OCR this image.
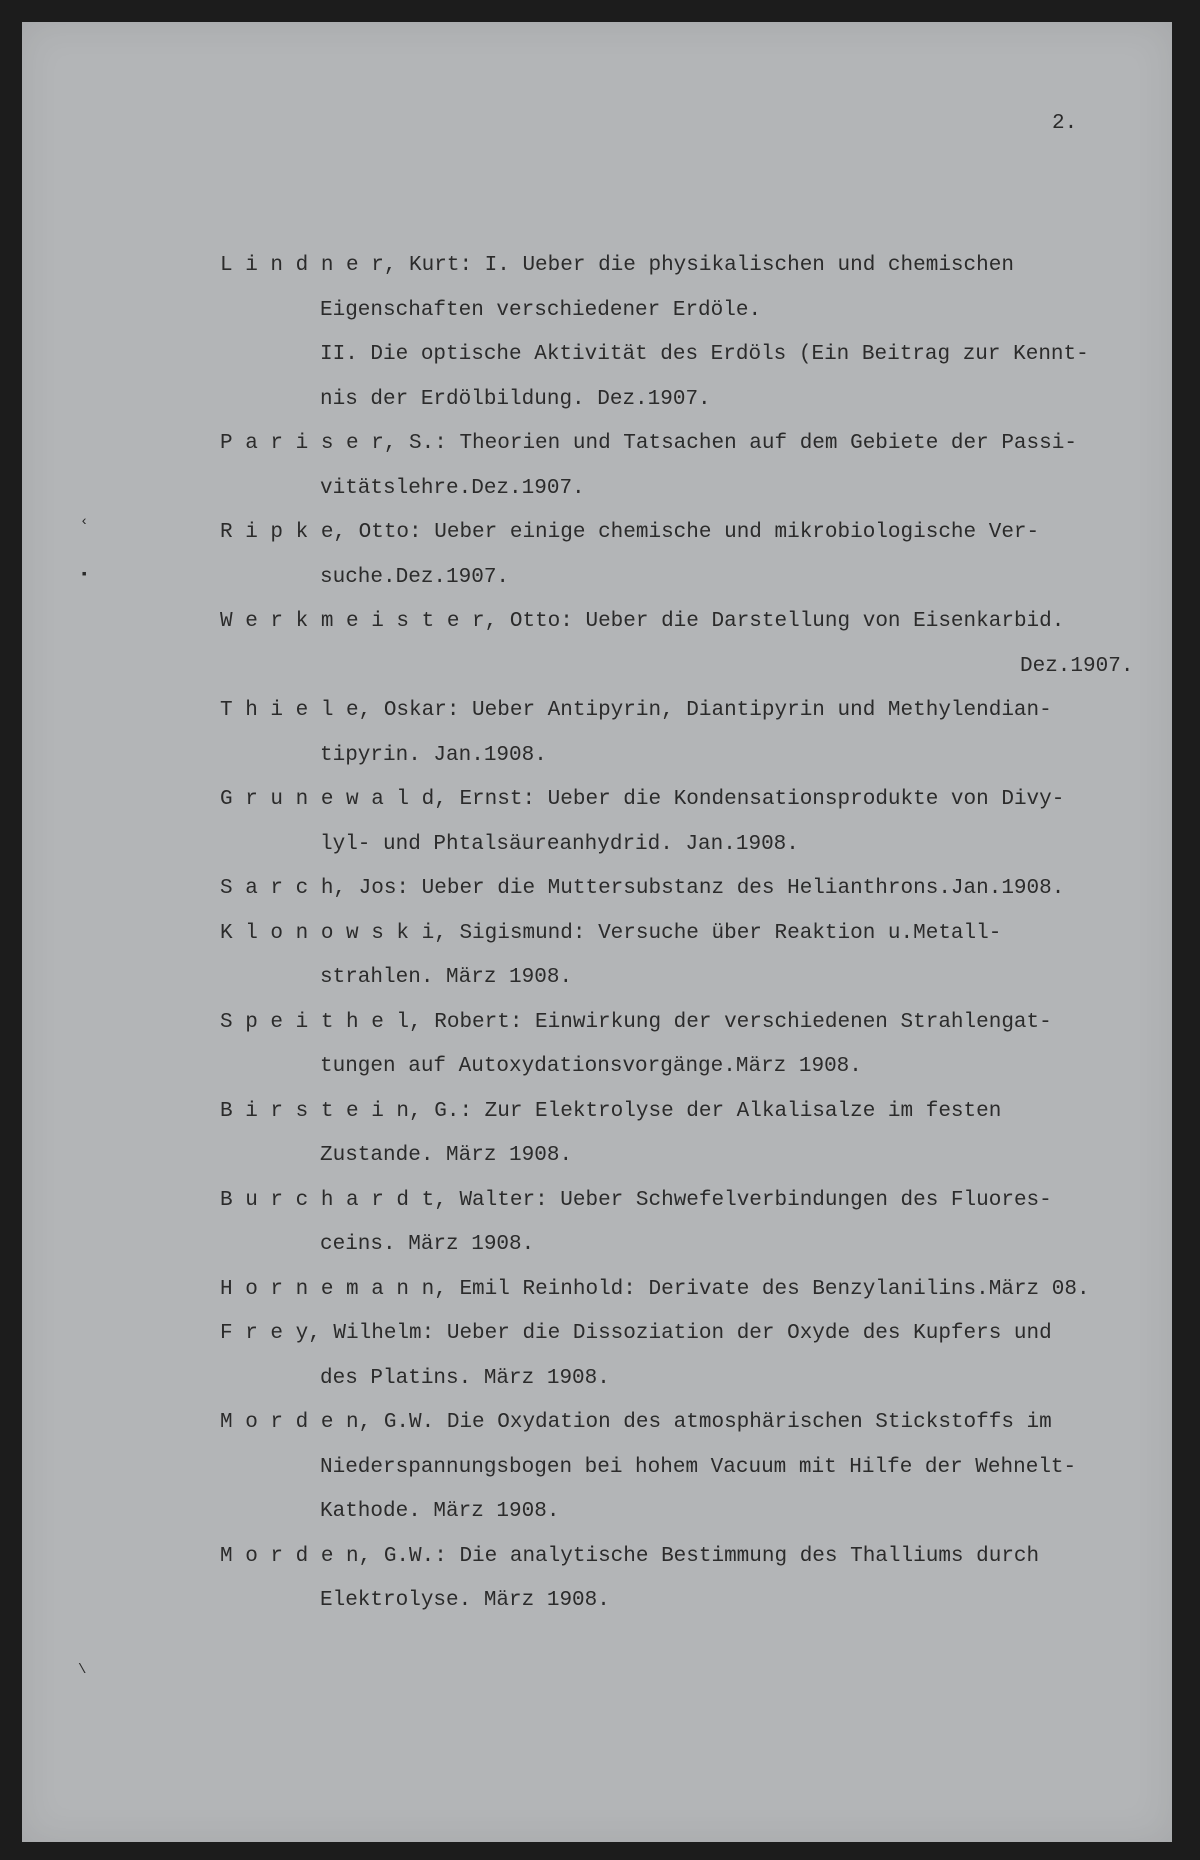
2.
‹
▪
\
L i n d n e r, Kurt: I. Ueber die physikalischen und chemischen
Eigenschaften verschiedener Erdöle.
II. Die optische Aktivität des Erdöls (Ein Beitrag zur Kennt-
nis der Erdölbildung. Dez.1907.
P a r i s e r, S.: Theorien und Tatsachen auf dem Gebiete der Passi-
vitätslehre.Dez.1907.
R i p k e, Otto: Ueber einige chemische und mikrobiologische Ver-
suche.Dez.1907.
W e r k m e i s t e r, Otto: Ueber die Darstellung von Eisenkarbid.
Dez.1907.
T h i e l e, Oskar: Ueber Antipyrin, Diantipyrin und Methylendian-
tipyrin. Jan.1908.
G r u n e w a l d, Ernst: Ueber die Kondensationsprodukte von Divy-
lyl- und Phtalsäureanhydrid. Jan.1908.
S a r c h, Jos: Ueber die Muttersubstanz des Helianthrons.Jan.1908.
K l o n o w s k i, Sigismund: Versuche über Reaktion u.Metall-
strahlen. März 1908.
S p e i t h e l, Robert: Einwirkung der verschiedenen Strahlengat-
tungen auf Autoxydationsvorgänge.März 1908.
B i r s t e i n, G.: Zur Elektrolyse der Alkalisalze im festen
Zustande. März 1908.
B u r c h a r d t, Walter: Ueber Schwefelverbindungen des Fluores-
ceins. März 1908.
H o r n e m a n n, Emil Reinhold: Derivate des Benzylanilins.März 08.
F r e y, Wilhelm: Ueber die Dissoziation der Oxyde des Kupfers und
des Platins. März 1908.
M o r d e n, G.W. Die Oxydation des atmosphärischen Stickstoffs im
Niederspannungsbogen bei hohem Vacuum mit Hilfe der Wehnelt-
Kathode. März 1908.
M o r d e n, G.W.: Die analytische Bestimmung des Thalliums durch
Elektrolyse. März 1908.
